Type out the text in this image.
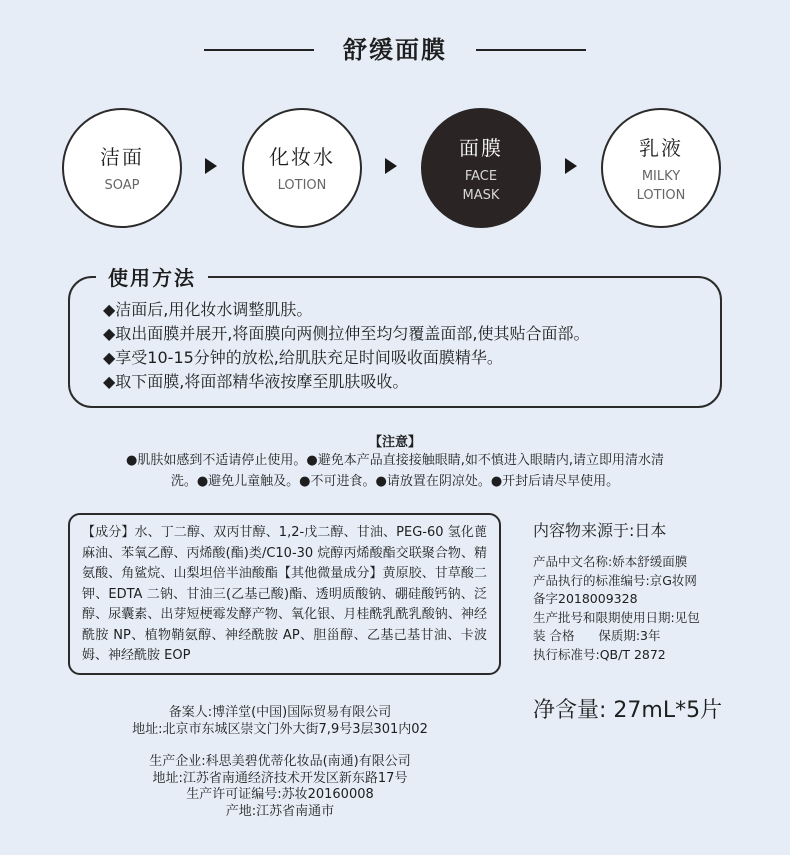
舒缓面膜
洁面
SOAP
化妆水
LOTION
面膜
FACE
MASK
乳液
MILKY
LOTION
使用方法
◆洁面后,用化妆水调整肌肤。
◆取出面膜并展开,将面膜向两侧拉伸至均匀覆盖面部,使其贴合面部。
◆享受10-15分钟的放松,给肌肤充足时间吸收面膜精华。
◆取下面膜,将面部精华液按摩至肌肤吸收。
【注意】
●肌肤如感到不适请停止使用。●避免本产品直接接触眼睛,如不慎进入眼睛内,请立即用清水清
洗。●避免儿童触及。●不可进食。●请放置在阴凉处。●开封后请尽早使用。
【成分】水、丁二醇、双丙甘醇、1,2-戊二醇、甘油、PEG-60 氢化蓖麻油、苯氧乙醇、丙烯酸(酯)类/C10-30 烷醇丙烯酸酯交联聚合物、精氨酸、角鲨烷、山梨坦倍半油酸酯【其他微量成分】黄原胶、甘草酸二钾、EDTA 二钠、甘油三(乙基己酸)酯、透明质酸钠、硼硅酸钙钠、泛醇、尿囊素、出芽短梗霉发酵产物、氧化银、月桂酰乳酰乳酸钠、神经酰胺 NP、植物鞘氨醇、神经酰胺 AP、胆甾醇、乙基己基甘油、卡波姆、神经酰胺 EOP
内容物来源于:日本
产品中文名称:娇本舒缓面膜
产品执行的标准编号:京G妆网
备字2018009328
生产批号和限期使用日期:见包
装 合格      保质期:3年
执行标准号:QB/T 2872
净含量: 27mL*5片
备案人:博洋堂(中国)国际贸易有限公司
地址:北京市东城区崇文门外大街7,9号3层301内02
生产企业:科思美碧优蒂化妆品(南通)有限公司
地址:江苏省南通经济技术开发区新东路17号
生产许可证编号:苏妆20160008
产地:江苏省南通市
